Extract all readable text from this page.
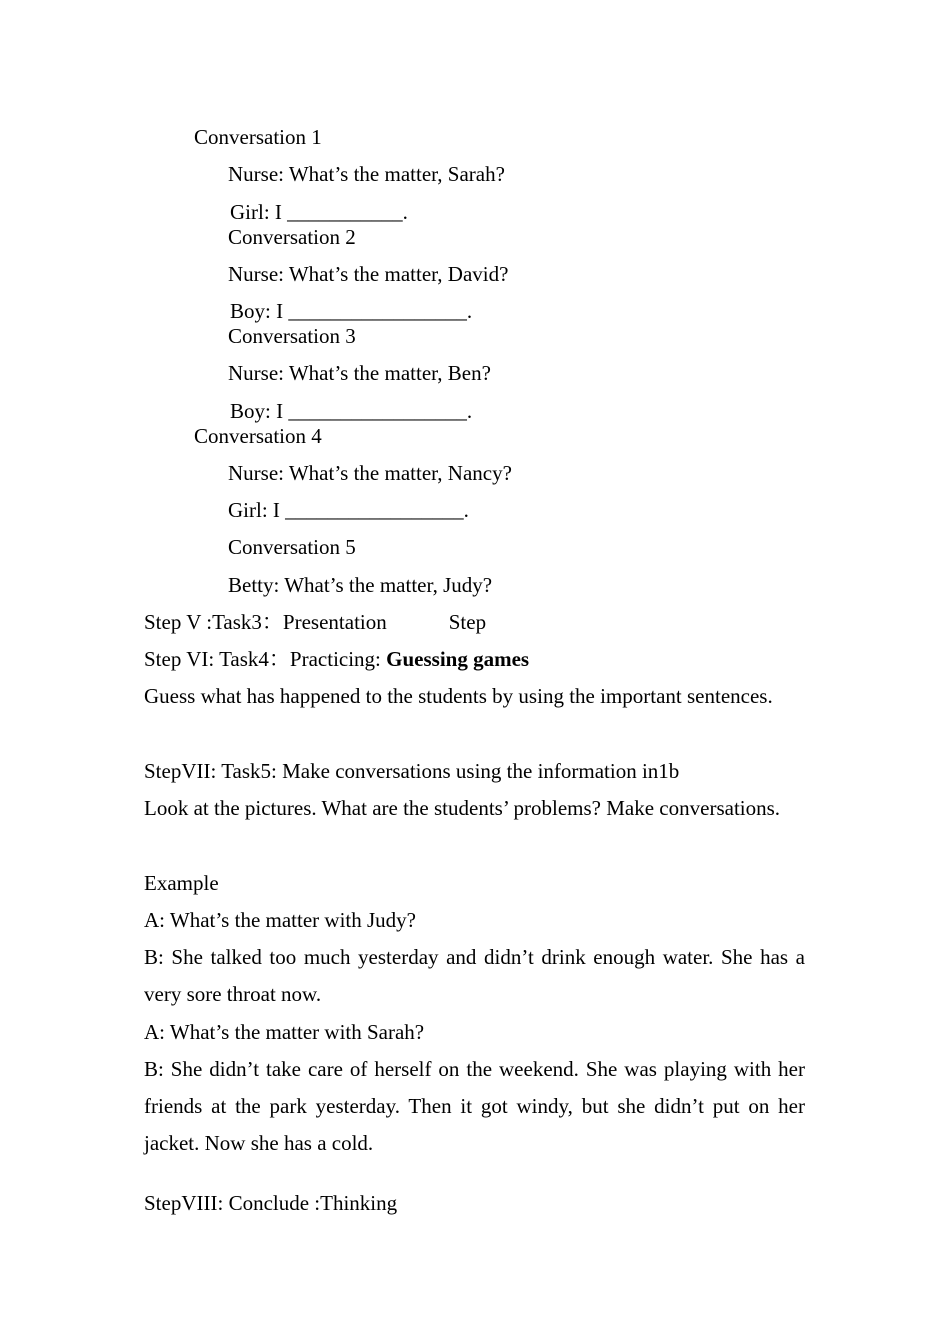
Conversation 1
Nurse: What’s the matter, Sarah?
Girl: I ___________.
Conversation 2
Nurse: What’s the matter, David?
Boy: I _________________.
Conversation 3
Nurse: What’s the matter, Ben?
Boy: I _________________.
Conversation 4
Nurse: What’s the matter, Nancy?
Girl: I _________________.
Conversation 5
Betty: What’s the matter, Judy?
Step V :Task3：Presentation	Step
Step VI: Task4：Practicing: Guessing games
Guess what has happened to the students by using the important sentences.
StepVII: Task5: Make conversations using the information in1b
Look at the pictures. What are the students’ problems? Make conversations.
Example
A: What’s the matter with Judy?
B: She talked too much yesterday and didn’t drink enough water. She has a very sore throat now.
A: What’s the matter with Sarah?
B: She didn’t take care of herself on the weekend. She was playing with her friends at the park yesterday. Then it got windy, but she didn’t put on her jacket. Now she has a cold.
StepVIII: Conclude :Thinking
